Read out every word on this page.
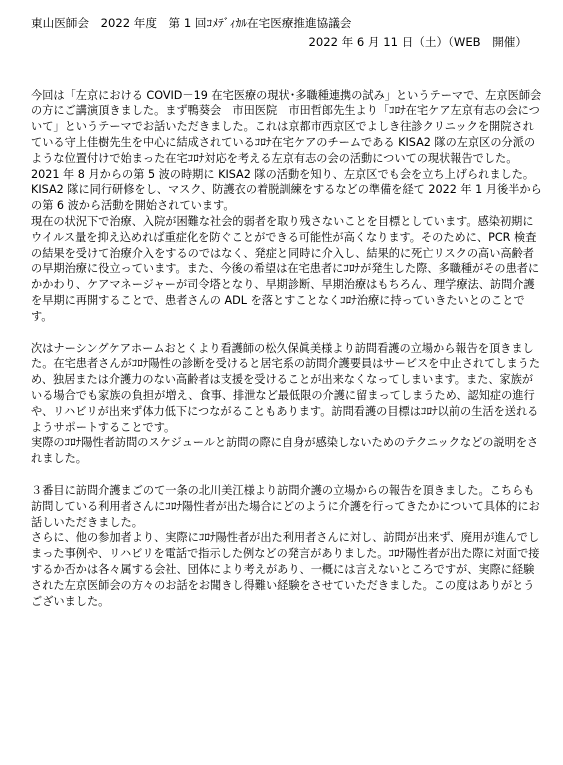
東山医師会　2022 年度　第 1 回ｺﾒﾃﾞｨｶﾙ在宅医療推進協議会
2022 年 6 月 11 日（土）（WEB　開催）

今回は「左京における COVID－19 在宅医療の現状･多職種連携の試み」というテーマで、左京医師会の方にご講演頂きました。まず鴨葵会　市田医院　市田哲郎先生より「ｺﾛﾅ在宅ケア左京有志の会について」というテーマでお話いただきました。これは京都市西京区でよしき往診クリニックを開院されている守上佳樹先生を中心に結成されているｺﾛﾅ在宅ケアのチームである KISA2 隊の左京区の分派のような位置付けで始まった在宅ｺﾛﾅ対応を考える左京有志の会の活動についての現状報告でした。2021 年 8 月からの第 5 波の時期に KISA2 隊の活動を知り、左京区でも会を立ち上げられました。KISA2 隊に同行研修をし、マスク、防護衣の着脱訓練をするなどの準備を経て 2022 年 1 月後半からの第 6 波から活動を開始されています。

現在の状況下で治療、入院が困難な社会的弱者を取り残さないことを目標としています。感染初期にウイルス量を抑え込めれば重症化を防ぐことができる可能性が高くなります。そのために、PCR 検査の結果を受けて治療介入をするのではなく、発症と同時に介入し、結果的に死亡リスクの高い高齢者の早期治療に役立っています。また、今後の希望は在宅患者にｺﾛﾅが発生した際、多職種がその患者にかかわり、ケアマネージャーが司令塔となり、早期診断、早期治療はもちろん、理学療法、訪問介護を早期に再開することで、患者さんの ADL を落とすことなくｺﾛﾅ治療に持っていきたいとのことです。

次はナーシングケアホームおとくより看護師の松久保眞美様より訪問看護の立場から報告を頂きました。在宅患者さんがｺﾛﾅ陽性の診断を受けると居宅系の訪問介護要員はサービスを中止されてしまうため、独居または介護力のない高齢者は支援を受けることが出来なくなってしまいます。また、家族がいる場合でも家族の負担が増え、食事、排泄など最低限の介護に留まってしまうため、認知症の進行や、リハビリが出来ず体力低下につながることもあります。訪問看護の目標はｺﾛﾅ以前の生活を送れるようサポートすることです。

実際のｺﾛﾅ陽性者訪問のスケジュールと訪問の際に自身が感染しないためのテクニックなどの説明をされました。

３番目に訪問介護まごのて一条の北川美江様より訪問介護の立場からの報告を頂きました。こちらも訪問している利用者さんにｺﾛﾅ陽性者が出た場合にどのように介護を行ってきたかについて具体的にお話しいただきました。

さらに、他の参加者より、実際にｺﾛﾅ陽性者が出た利用者さんに対し、訪問が出来ず、廃用が進んでしまった事例や、リハビリを電話で指示した例などの発言がありました。ｺﾛﾅ陽性者が出た際に対面で接するか否かは各々属する会社、団体により考えがあり、一概には言えないところですが、実際に経験された左京医師会の方々のお話をお聞きし得難い経験をさせていただきました。この度はありがとうございました。
